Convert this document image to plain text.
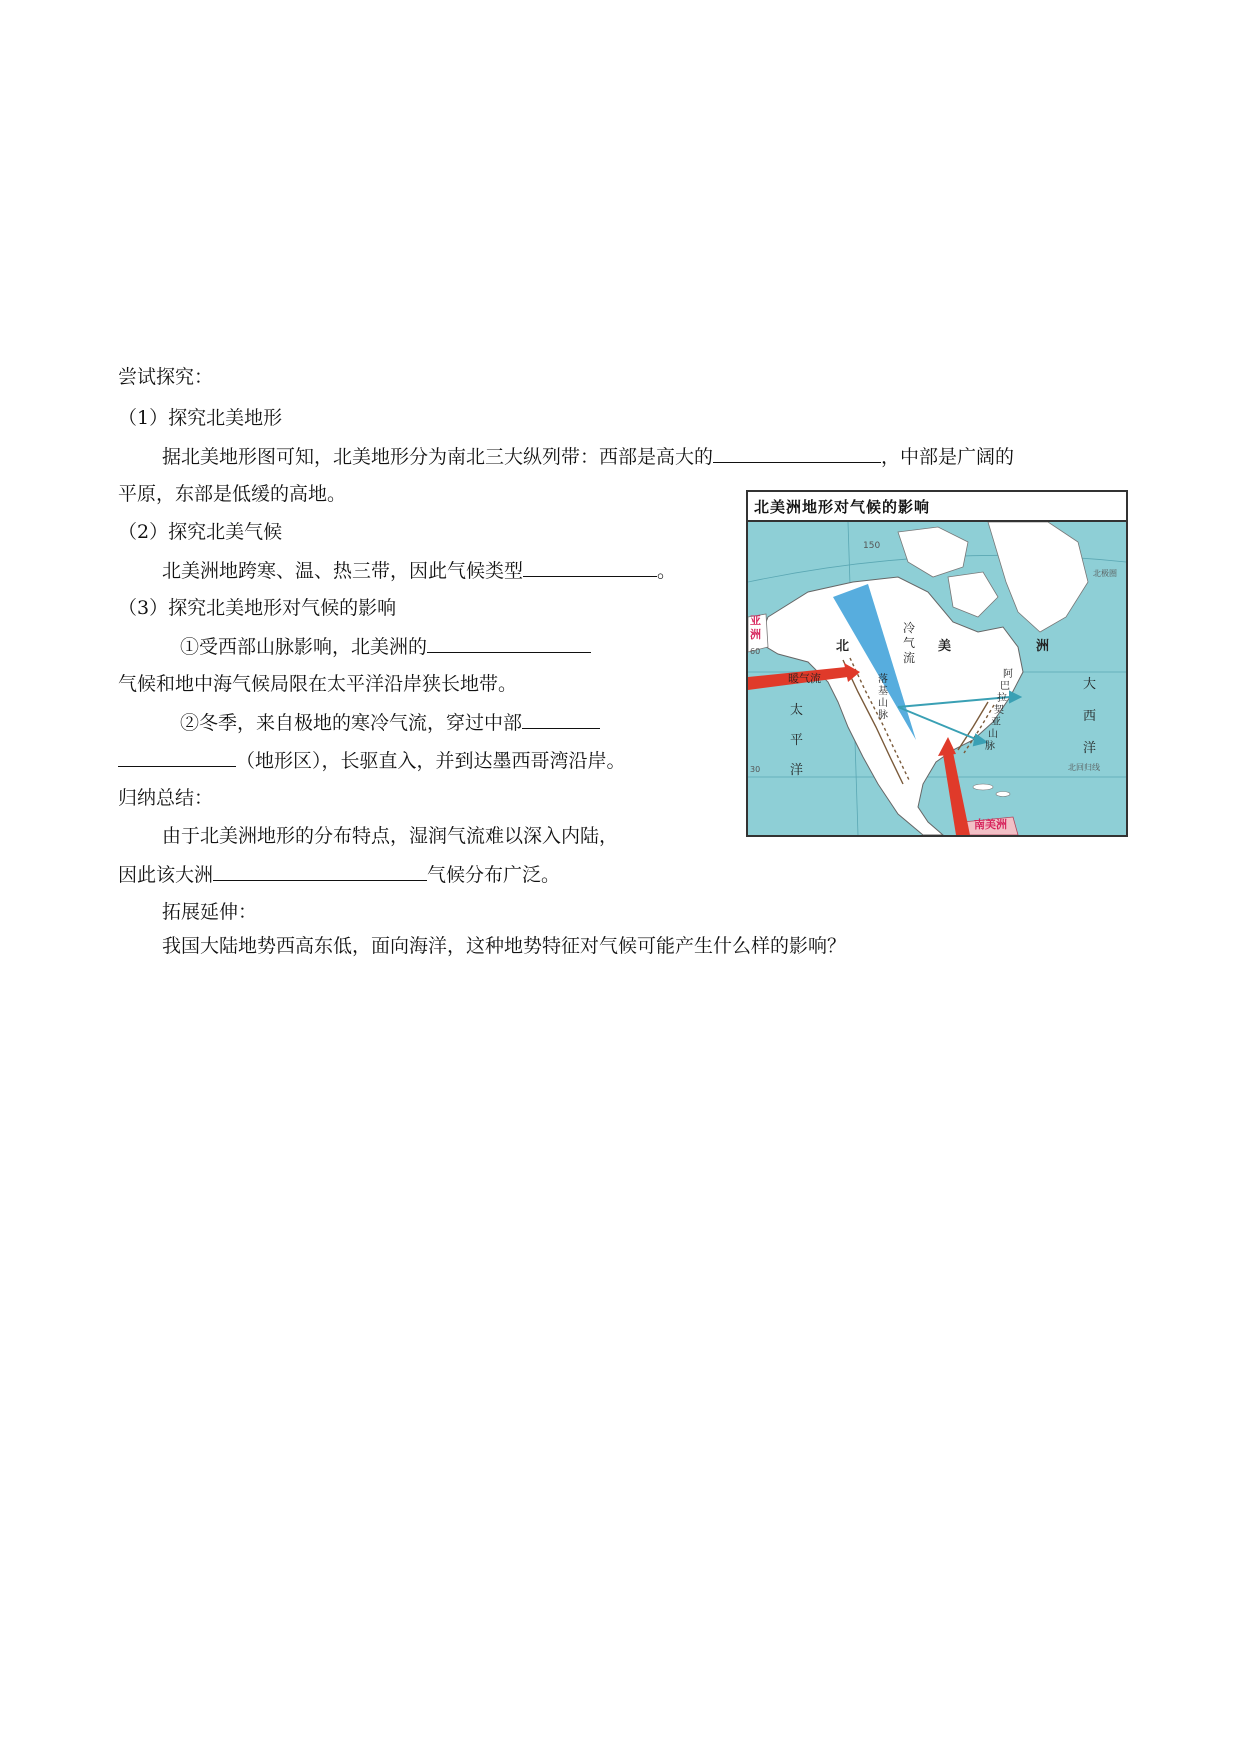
尝试探究：
（1）探究北美地形
据北美地形图可知，北美地形分为南北三大纵列带：西部是高大的	，中部是广阔的
平原，东部是低缓的高地。
（2）探究北美气候
北美洲地跨寒、温、热三带，因此气候类型	。
（3）探究北美地形对气候的影响
①受西部山脉影响，北美洲的
气候和地中海气候局限在太平洋沿岸狭长地带。
②冬季，来自极地的寒冷气流，穿过中部
（地形区），长驱直入，并到达墨西哥湾沿岸。
归纳总结：
由于北美洲地形的分布特点，湿润气流难以深入内陆，
因此该大洲	气候分布广泛。
拓展延伸：
我国大陆地势西高东低，面向海洋，这种地势特征对气候可能产生什么样的影响？
北美洲地形对气候的影响
150
北极圈
60
30	北回归线
北	美	洲
冷
气
流
暖气流	落
基
山
脉
阿
巴
拉
契
亚
山
脉
太
平
洋
大
西
洋
亚
洲
南美洲
